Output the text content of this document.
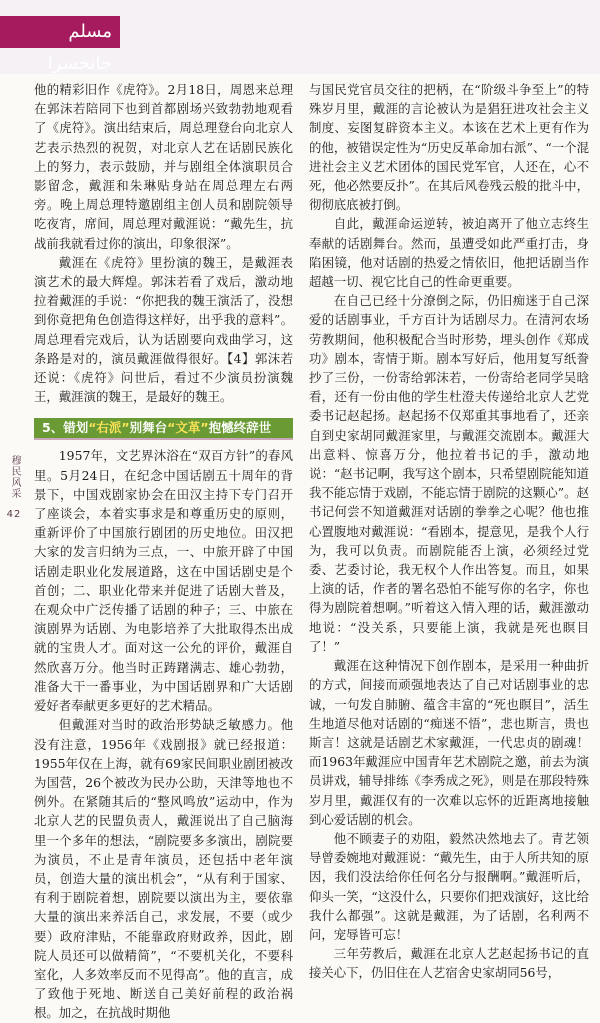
مسلم جانخسرا
穆民风采 42

他的精彩旧作《虎符》。2月18日，周恩来总理在郭沫若陪同下也到首都剧场兴致勃勃地观看了《虎符》。演出结束后，周总理登台向北京人艺表示热烈的祝贺，对北京人艺在话剧民族化上的努力，表示鼓励，并与剧组全体演职员合影留念，戴涯和朱琳贴身站在周总理左右两旁。晚上周总理特邀剧组主创人员和剧院领导吃夜宵，席间，周总理对戴涯说：“戴先生，抗战前我就看过你的演出，印象很深”。

戴涯在《虎符》里扮演的魏王，是戴涯表演艺术的最大辉煌。郭沫若看了戏后，激动地拉着戴涯的手说：“你把我的魏王演活了，没想到你竟把角色创造得这样好，出乎我的意料”。周总理看完戏后，认为话剧要向戏曲学习，这条路是对的，演员戴涯做得很好。【4】郭沫若还说：《虎符》问世后，看过不少演员扮演魏王，戴涯演的魏王，是最好的魏王。

5、错划“右派”别舞台“文革”抱憾终辞世

1957年，文艺界沐浴在“双百方针”的春风里。5月24日，在纪念中国话剧五十周年的背景下，中国戏剧家协会在田汉主持下专门召开了座谈会，本着实事求是和尊重历史的原则，重新评价了中国旅行剧团的历史地位。田汉把大家的发言归纳为三点，一、中旅开辟了中国话剧走职业化发展道路，这在中国话剧史是个首创；二、职业化带来并促进了话剧大普及，在观众中广泛传播了话剧的种子；三、中旅在演剧界为话剧、为电影培养了大批取得杰出成就的宝贵人才。面对这一公允的评价，戴涯自然欣喜万分。他当时正踌躇满志、雄心勃勃，准备大干一番事业，为中国话剧界和广大话剧爱好者奉献更多更好的艺术精品。

但戴涯对当时的政治形势缺乏敏感力。他没有注意，1956年《戏剧报》就已经报道：1955年仅在上海，就有69家民间职业剧团被改为国营，26个被改为民办公助，天津等地也不例外。在紧随其后的“整风鸣放”运动中，作为北京人艺的民盟负责人，戴涯说出了自己脑海里一个多年的想法，“剧院要多多演出，剧院要为演员，不止是青年演员，还包括中老年演员，创造大量的演出机会”，“从有利于国家、有利于剧院着想，剧院要以演出为主，要依靠大量的演出来养活自己，求发展，不要（或少要）政府津贴，不能靠政府财政养，因此，剧院人员还可以做精简”，“不要机关化，不要科室化，人多效率反而不见得高”。他的直言，成了致他于死地、断送自己美好前程的政治祸根。加之，在抗战时期他

与国民党官员交往的把柄，在“阶级斗争至上”的特殊岁月里，戴涯的言论被认为是猖狂进攻社会主义制度、妄图复辟资本主义。本该在艺术上更有作为的他，被错误定性为“历史反革命加右派”、“一个混进社会主义艺术团体的国民党军官，人还在，心不死，他必然要反扑”。在其后风卷残云般的批斗中，彻彻底底被打倒。

自此，戴涯命运逆转，被迫离开了他立志终生奉献的话剧舞台。然而，虽遭受如此严重打击，身陷困镜，他对话剧的热爱之情依旧，他把话剧当作超越一切、视它比自己的性命更重要。

在自己已经十分潦倒之际，仍旧痴迷于自己深爱的话剧事业，千方百计为话剧尽力。在清河农场劳教期间，他积极配合当时形势，埋头创作《郑成功》剧本，寄情于斯。剧本写好后，他用复写纸誊抄了三份，一份寄给郭沫若，一份寄给老同学吴晗看，还有一份由他的学生杜澄夫传递给北京人艺党委书记赵起扬。赵起扬不仅郑重其事地看了，还亲自到史家胡同戴涯家里，与戴涯交流剧本。戴涯大出意料、惊喜万分，他拉着书记的手，激动地说：“赵书记啊，我写这个剧本，只希望剧院能知道我不能忘情于戏剧，不能忘情于剧院的这颗心”。赵书记何尝不知道戴涯对话剧的拳拳之心呢？他也推心置腹地对戴涯说：“看剧本，提意见，是我个人行为，我可以负责。而剧院能否上演，必须经过党委、艺委讨论，我无权个人作出答复。而且，如果上演的话，作者的署名恐怕不能写你的名字，你也得为剧院着想啊。”听着这入情入理的话，戴涯激动地说：“没关系，只要能上演，我就是死也瞑目了！”

戴涯在这种情况下创作剧本，是采用一种曲折的方式，间接而顽强地表达了自己对话剧事业的忠诚，一句发自肺腑、蕴含丰富的“死也瞑目”，活生生地道尽他对话剧的“痴迷不悟”，悲也斯言，贵也斯言！这就是话剧艺术家戴涯，一代忠贞的剧魂！而1963年戴涯应中国青年艺术剧院之邀，前去为演员讲戏，辅导排练《李秀成之死》，则是在那段特殊岁月里，戴涯仅有的一次难以忘怀的近距离地接触到心爱话剧的机会。

他不顾妻子的劝阻，毅然决然地去了。青艺领导曾委婉地对戴涯说：“戴先生，由于人所共知的原因，我们没法给你任何名分与报酬啊。”戴涯听后，仰头一笑，“这没什么，只要你们把戏演好，这比给我什么都强”。这就是戴涯，为了话剧，名利两不问，宠辱皆可忘！

三年劳教后，戴涯在北京人艺赵起扬书记的直接关心下，仍旧住在人艺宿舍史家胡同56号，
